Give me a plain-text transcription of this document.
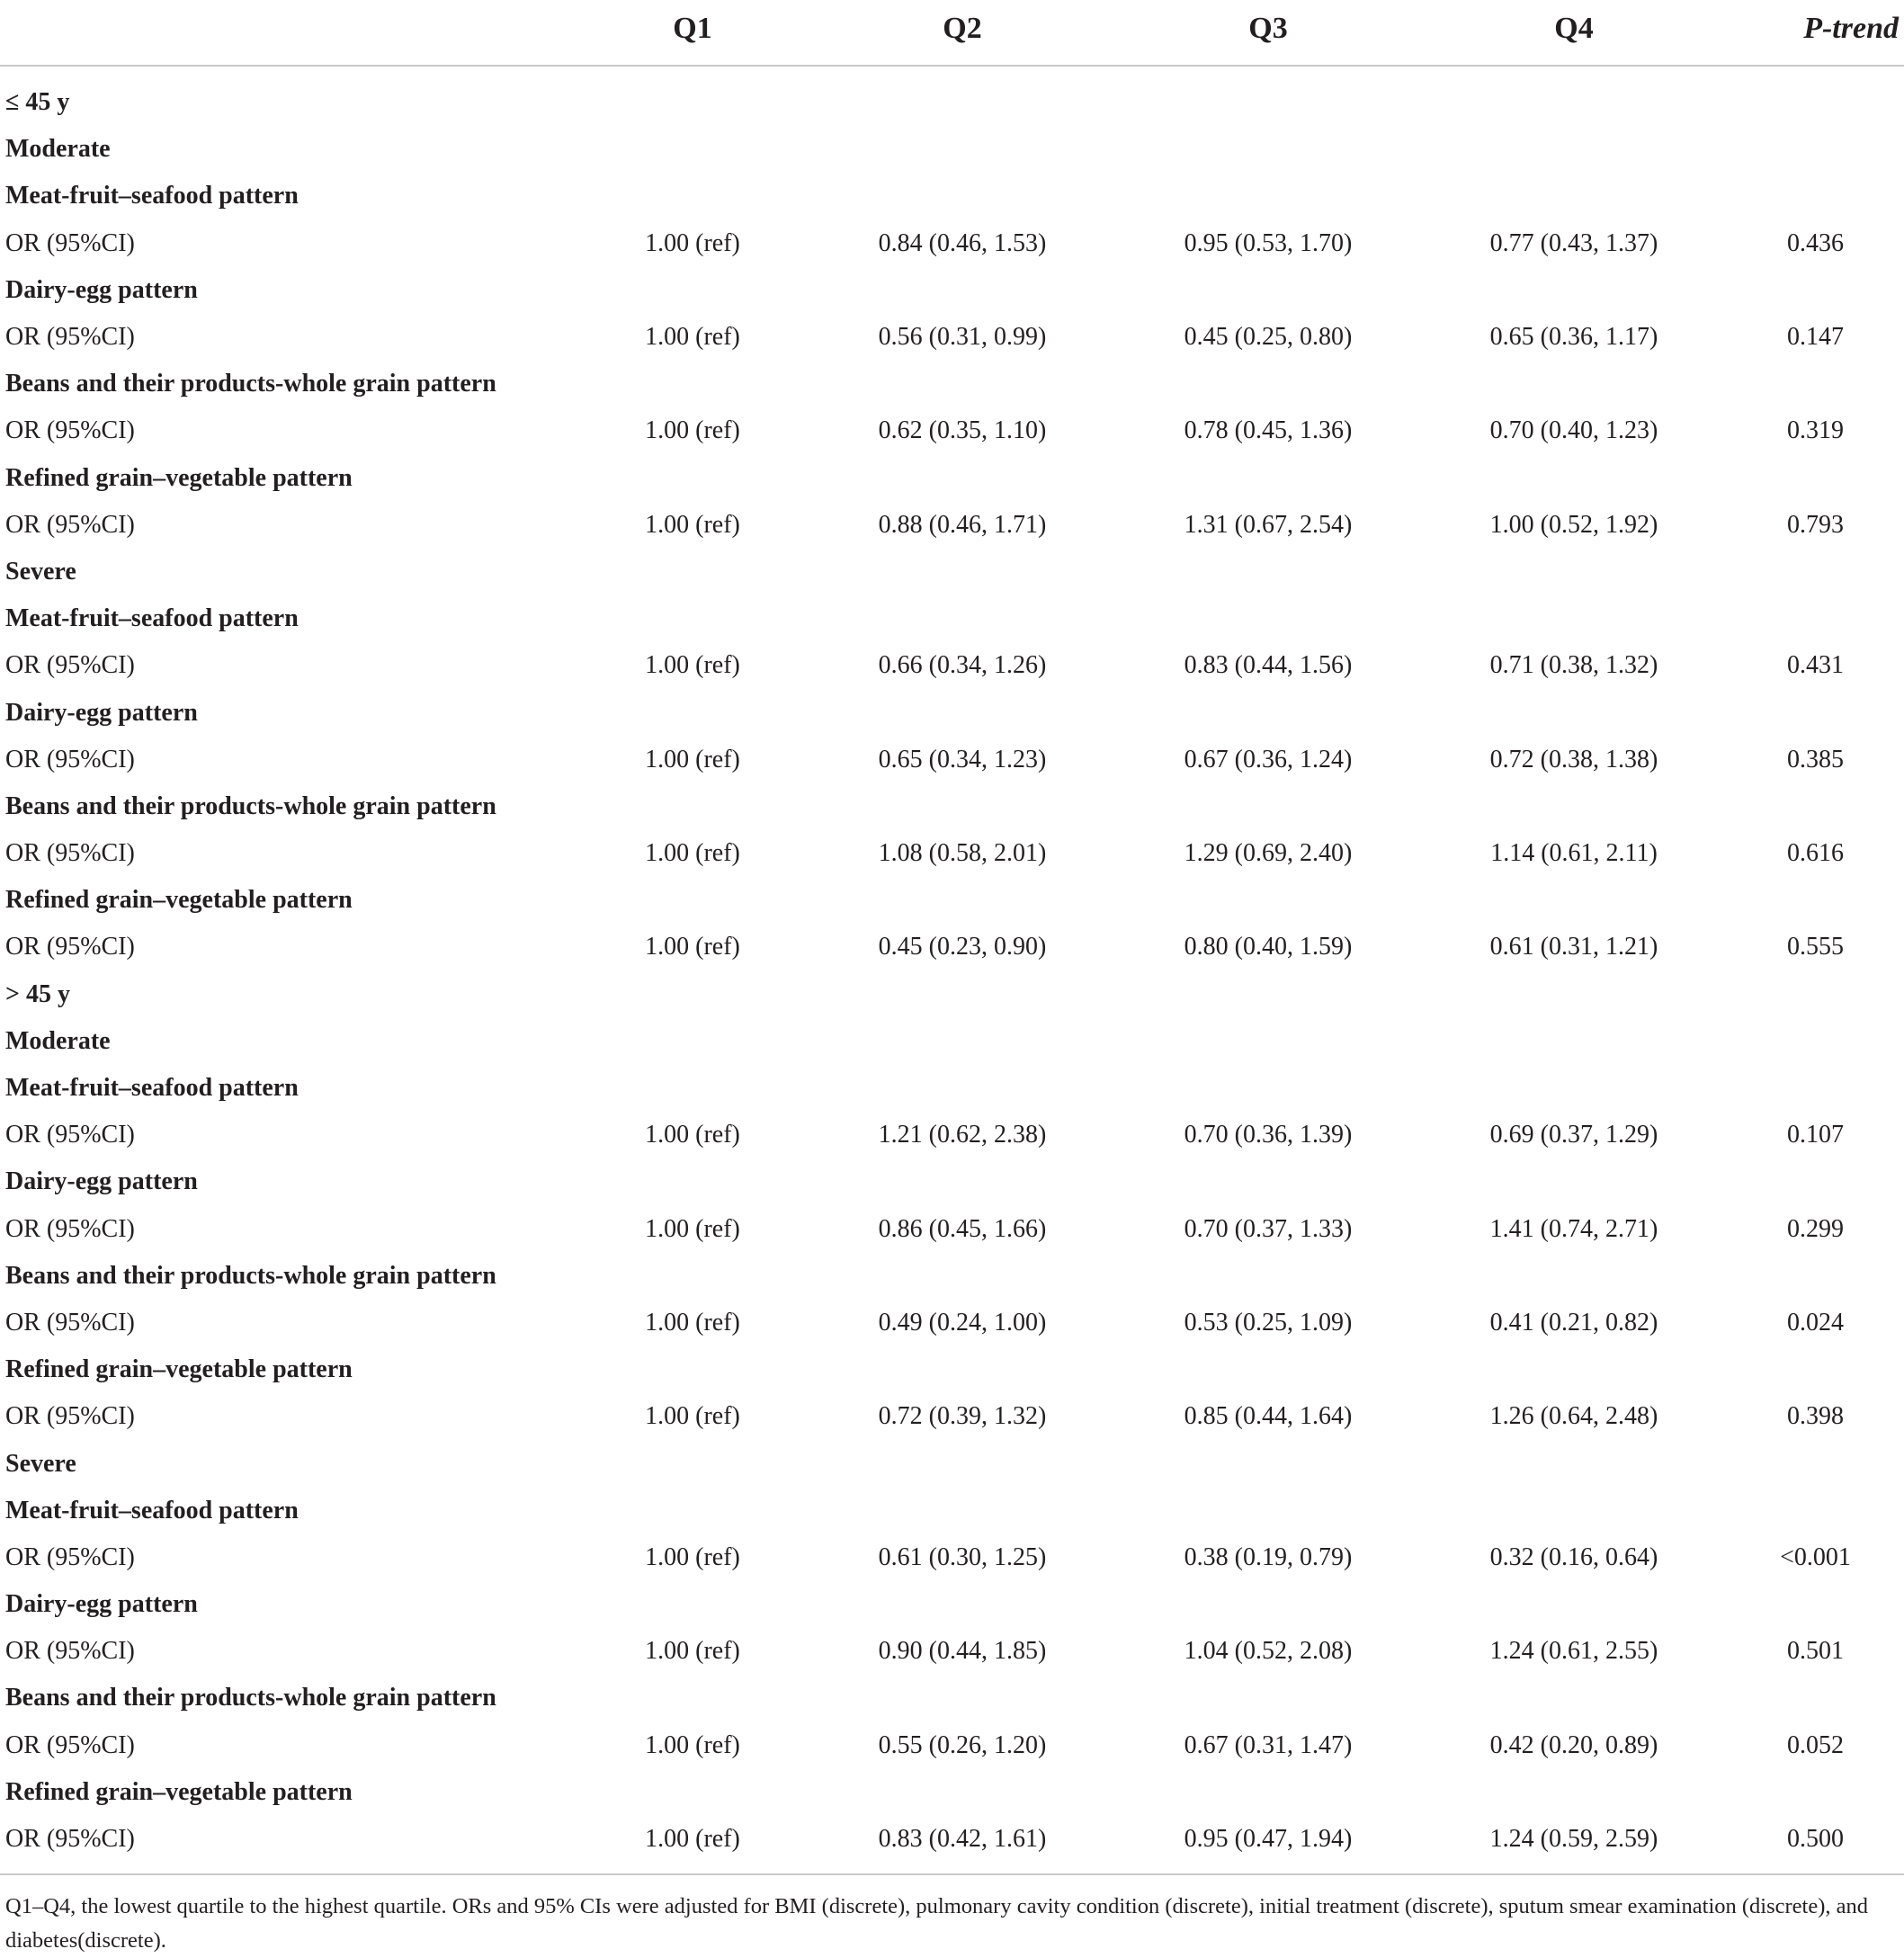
	Q1	Q2	Q3	Q4	P-trend

≤ 45 y					
Moderate					
Meat-fruit–seafood pattern					
OR (95%CI)	1.00 (ref)	0.84 (0.46, 1.53)	0.95 (0.53, 1.70)	0.77 (0.43, 1.37)	0.436
Dairy-egg pattern					
OR (95%CI)	1.00 (ref)	0.56 (0.31, 0.99)	0.45 (0.25, 0.80)	0.65 (0.36, 1.17)	0.147
Beans and their products-whole grain pattern					
OR (95%CI)	1.00 (ref)	0.62 (0.35, 1.10)	0.78 (0.45, 1.36)	0.70 (0.40, 1.23)	0.319
Refined grain–vegetable pattern					
OR (95%CI)	1.00 (ref)	0.88 (0.46, 1.71)	1.31 (0.67, 2.54)	1.00 (0.52, 1.92)	0.793
Severe					
Meat-fruit–seafood pattern					
OR (95%CI)	1.00 (ref)	0.66 (0.34, 1.26)	0.83 (0.44, 1.56)	0.71 (0.38, 1.32)	0.431
Dairy-egg pattern					
OR (95%CI)	1.00 (ref)	0.65 (0.34, 1.23)	0.67 (0.36, 1.24)	0.72 (0.38, 1.38)	0.385
Beans and their products-whole grain pattern					
OR (95%CI)	1.00 (ref)	1.08 (0.58, 2.01)	1.29 (0.69, 2.40)	1.14 (0.61, 2.11)	0.616
Refined grain–vegetable pattern					
OR (95%CI)	1.00 (ref)	0.45 (0.23, 0.90)	0.80 (0.40, 1.59)	0.61 (0.31, 1.21)	0.555
> 45 y					
Moderate					
Meat-fruit–seafood pattern					
OR (95%CI)	1.00 (ref)	1.21 (0.62, 2.38)	0.70 (0.36, 1.39)	0.69 (0.37, 1.29)	0.107
Dairy-egg pattern					
OR (95%CI)	1.00 (ref)	0.86 (0.45, 1.66)	0.70 (0.37, 1.33)	1.41 (0.74, 2.71)	0.299
Beans and their products-whole grain pattern					
OR (95%CI)	1.00 (ref)	0.49 (0.24, 1.00)	0.53 (0.25, 1.09)	0.41 (0.21, 0.82)	0.024
Refined grain–vegetable pattern					
OR (95%CI)	1.00 (ref)	0.72 (0.39, 1.32)	0.85 (0.44, 1.64)	1.26 (0.64, 2.48)	0.398
Severe					
Meat-fruit–seafood pattern					
OR (95%CI)	1.00 (ref)	0.61 (0.30, 1.25)	0.38 (0.19, 0.79)	0.32 (0.16, 0.64)	<0.001
Dairy-egg pattern					
OR (95%CI)	1.00 (ref)	0.90 (0.44, 1.85)	1.04 (0.52, 2.08)	1.24 (0.61, 2.55)	0.501
Beans and their products-whole grain pattern					
OR (95%CI)	1.00 (ref)	0.55 (0.26, 1.20)	0.67 (0.31, 1.47)	0.42 (0.20, 0.89)	0.052
Refined grain–vegetable pattern					
OR (95%CI)	1.00 (ref)	0.83 (0.42, 1.61)	0.95 (0.47, 1.94)	1.24 (0.59, 2.59)	0.500
Q1–Q4, the lowest quartile to the highest quartile. ORs and 95% CIs were adjusted for BMI (discrete), pulmonary cavity condition (discrete), initial treatment (discrete), sputum smear examination (discrete), and diabetes(discrete).
